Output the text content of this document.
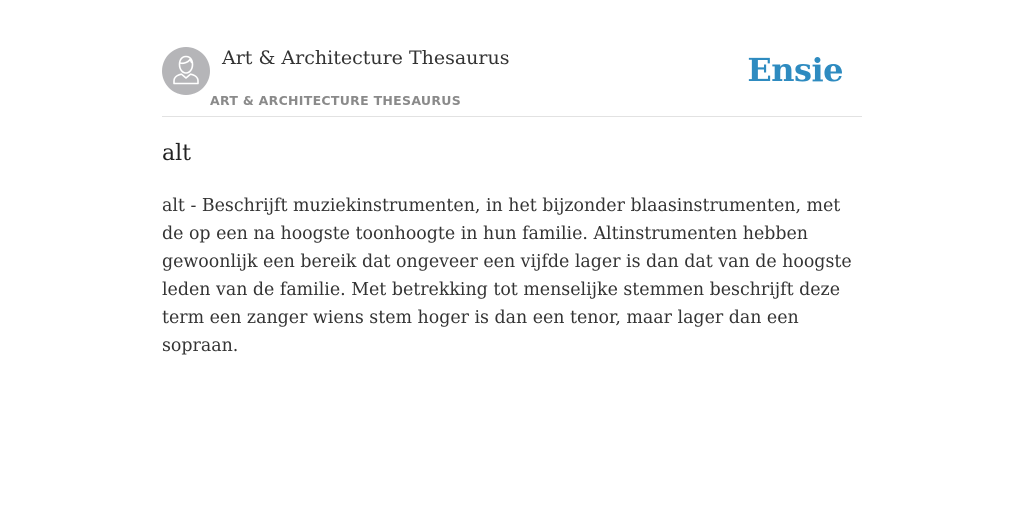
Art & Architecture Thesaurus
ART & ARCHITECTURE THESAURUS
Ensie
alt

alt - Beschrijft muziekinstrumenten, in het bijzonder blaasinstrumenten, met de op een na hoogste toonhoogte in hun familie. Altinstrumenten hebben gewoonlijk een bereik dat ongeveer een vijfde lager is dan dat van de hoogste leden van de familie. Met betrekking tot menselijke stemmen beschrijft deze term een zanger wiens stem hoger is dan een tenor, maar lager dan een sopraan.
